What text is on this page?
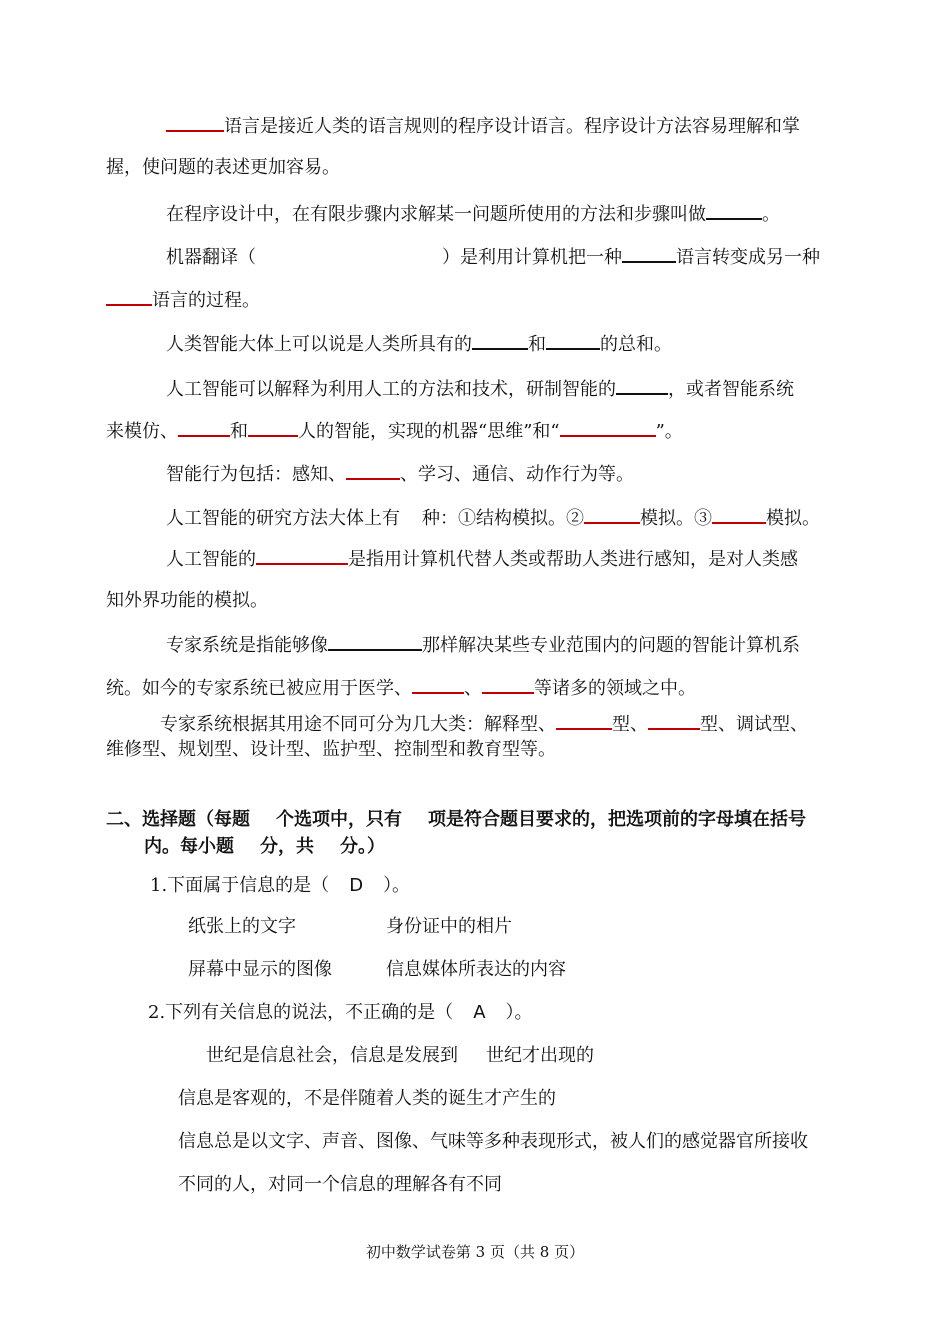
语言是接近人类的语言规则的程序设计语言。程序设计方法容易理解和掌
握，使问题的表述更加容易。
在程序设计中，在有限步骤内求解某一问题所使用的方法和步骤叫做	。
机器翻译（	）是利用计算机把一种	语言转变成另一种
语言的过程。
人类智能大体上可以说是人类所具有的	和	的总和。
人工智能可以解释为利用人工的方法和技术，研制智能的	，或者智能系统
来模仿、	和	人的智能，实现的机器“思维”和“	”。
智能行为包括：感知、	、学习、通信、动作行为等。
人工智能的研究方法大体上有 种：①结构模拟。②	模拟。③	模拟。
人工智能的	是指用计算机代替人类或帮助人类进行感知，是对人类感
知外界功能的模拟。
专家系统是指能够像	那样解决某些专业范围内的问题的智能计算机系
统。如今的专家系统已被应用于医学、	、	等诸多的领域之中。
专家系统根据其用途不同可分为几大类：解释型、	型、	型、调试型、
维修型、规划型、设计型、监护型、控制型和教育型等。
二、选择题（每题 个选项中，只有 项是符合题目要求的，把选项前的字母填在括号
内。每小题 分，共 分。）
1.下面属于信息的是（ D ）。
纸张上的文字	身份证中的相片
屏幕中显示的图像	信息媒体所表达的内容
2.下列有关信息的说法，不正确的是（ A ）。
世纪是信息社会，信息是发展到 世纪才出现的
信息是客观的，不是伴随着人类的诞生才产生的
信息总是以文字、声音、图像、气味等多种表现形式，被人们的感觉器官所接收
不同的人，对同一个信息的理解各有不同
初中数学试卷第 3 页（共 8 页）
